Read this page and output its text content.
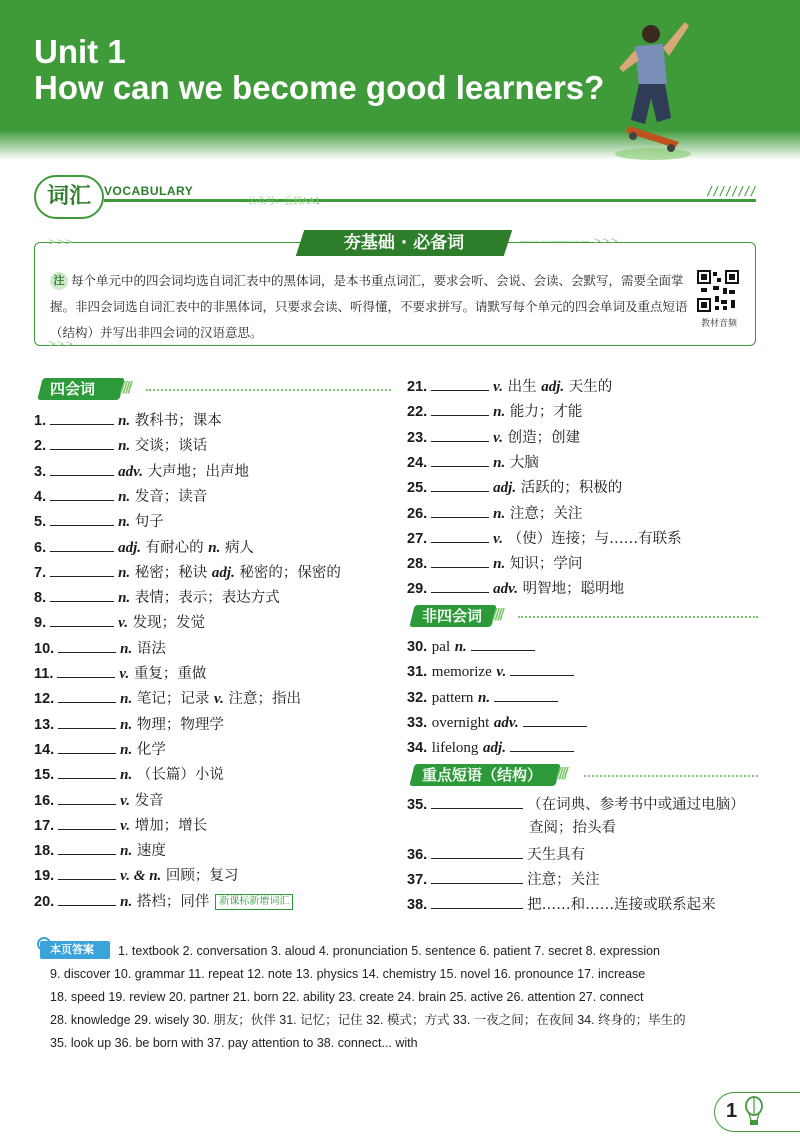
Unit 1
How can we become good learners?
词汇	VOCABULARY	////////
公众号：会到AA1
>>>	——————— >>>
>>>
夯基础 · 必备词
注 每个单元中的四会词均选自词汇表中的黑体词，是本书重点词汇，要求会听、会说、会读、会默写，需要全面掌握。非四会词选自词汇表中的非黑体词，只要求会读、听得懂，不要求拼写。请默写每个单元的四会单词及重点短语（结构）并写出非四会词的汉语意思。
教材音频
四会词	////
1.	n. 教科书；课本
2.	n. 交谈；谈话
3.	adv. 大声地；出声地
4.	n. 发音；读音
5.	n. 句子
6.	adj. 有耐心的 n. 病人
7.	n. 秘密；秘诀 adj. 秘密的；保密的
8.	n. 表情；表示；表达方式
9.	v. 发现；发觉
10.	n. 语法
11.	v. 重复；重做
12.	n. 笔记；记录 v. 注意；指出
13.	n. 物理；物理学
14.	n. 化学
15.	n. （长篇）小说
16.	v. 发音
17.	v. 增加；增长
18.	n. 速度
19.	v. & n. 回顾；复习
20.	n. 搭档；同伴 新课标新增词汇
21.	v. 出生 adj. 天生的
22.	n. 能力；才能
23.	v. 创造；创建
24.	n. 大脑
25.	adj. 活跃的；积极的
26.	n. 注意；关注
27.	v. （使）连接；与……有联系
28.	n. 知识；学问
29.	adv. 明智地；聪明地
非四会词 ////
30. pal n.
31. memorize v.
32. pattern n.
33. overnight adv.
34. lifelong adj.
重点短语（结构） ////
35.	（在词典、参考书中或通过电脑）
查阅；抬头看
36.	天生具有
37.	注意；关注
38.	把……和……连接或联系起来
本页答案	1. textbook 2. conversation 3. aloud 4. pronunciation 5. sentence 6. patient 7. secret 8. expression
9. discover 10. grammar 11. repeat 12. note 13. physics 14. chemistry 15. novel 16. pronounce 17. increase
18. speed 19. review 20. partner 21. born 22. ability 23. create 24. brain 25. active 26. attention 27. connect
28. knowledge 29. wisely 30. 朋友；伙伴 31. 记忆；记住 32. 模式；方式 33. 一夜之间；在夜间 34. 终身的；毕生的
35. look up 36. be born with 37. pay attention to 38. connect... with
1
